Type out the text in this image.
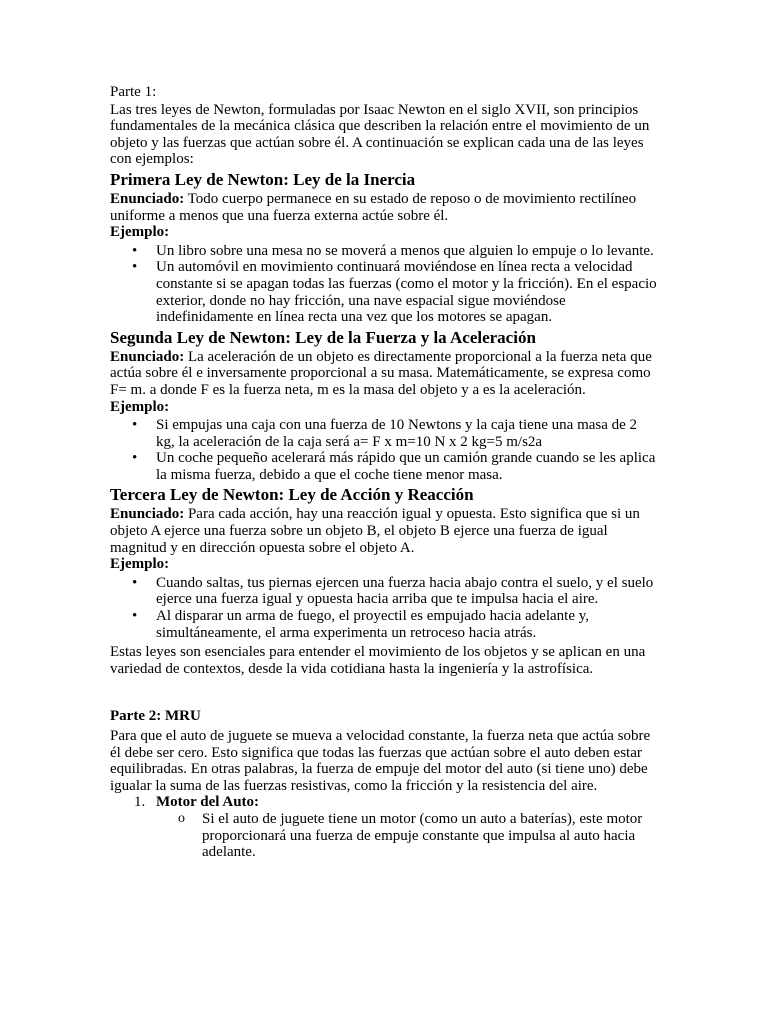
Parte 1:

Las tres leyes de Newton, formuladas por Isaac Newton en el siglo XVII, son principios fundamentales de la mecánica clásica que describen la relación entre el movimiento de un objeto y las fuerzas que actúan sobre él. A continuación se explican cada una de las leyes con ejemplos:

Primera Ley de Newton: Ley de la Inercia

Enunciado: Todo cuerpo permanece en su estado de reposo o de movimiento rectilíneo uniforme a menos que una fuerza externa actúe sobre él.

Ejemplo:

• Un libro sobre una mesa no se moverá a menos que alguien lo empuje o lo levante.
• Un automóvil en movimiento continuará moviéndose en línea recta a velocidad constante si se apagan todas las fuerzas (como el motor y la fricción). En el espacio exterior, donde no hay fricción, una nave espacial sigue moviéndose indefinidamente en línea recta una vez que los motores se apagan.
Segunda Ley de Newton: Ley de la Fuerza y la Aceleración

Enunciado: La aceleración de un objeto es directamente proporcional a la fuerza neta que actúa sobre él e inversamente proporcional a su masa. Matemáticamente, se expresa como F= m. a donde F es la fuerza neta, m es la masa del objeto y a es la aceleración.

Ejemplo:

• Si empujas una caja con una fuerza de 10 Newtons y la caja tiene una masa de 2 kg, la aceleración de la caja será a= F x m=10 N x 2 kg=5 m/s2a
• Un coche pequeño acelerará más rápido que un camión grande cuando se les aplica la misma fuerza, debido a que el coche tiene menor masa.
Tercera Ley de Newton: Ley de Acción y Reacción

Enunciado: Para cada acción, hay una reacción igual y opuesta. Esto significa que si un objeto A ejerce una fuerza sobre un objeto B, el objeto B ejerce una fuerza de igual magnitud y en dirección opuesta sobre el objeto A.

Ejemplo:

• Cuando saltas, tus piernas ejercen una fuerza hacia abajo contra el suelo, y el suelo ejerce una fuerza igual y opuesta hacia arriba que te impulsa hacia el aire.
• Al disparar un arma de fuego, el proyectil es empujado hacia adelante y, simultáneamente, el arma experimenta un retroceso hacia atrás.

Estas leyes son esenciales para entender el movimiento de los objetos y se aplican en una variedad de contextos, desde la vida cotidiana hasta la ingeniería y la astrofísica.

Parte 2: MRU

Para que el auto de juguete se mueva a velocidad constante, la fuerza neta que actúa sobre él debe ser cero. Esto significa que todas las fuerzas que actúan sobre el auto deben estar equilibradas. En otras palabras, la fuerza de empuje del motor del auto (si tiene uno) debe igualar la suma de las fuerzas resistivas, como la fricción y la resistencia del aire.

1. Motor del Auto:
o Si el auto de juguete tiene un motor (como un auto a baterías), este motor proporcionará una fuerza de empuje constante que impulsa al auto hacia adelante.
